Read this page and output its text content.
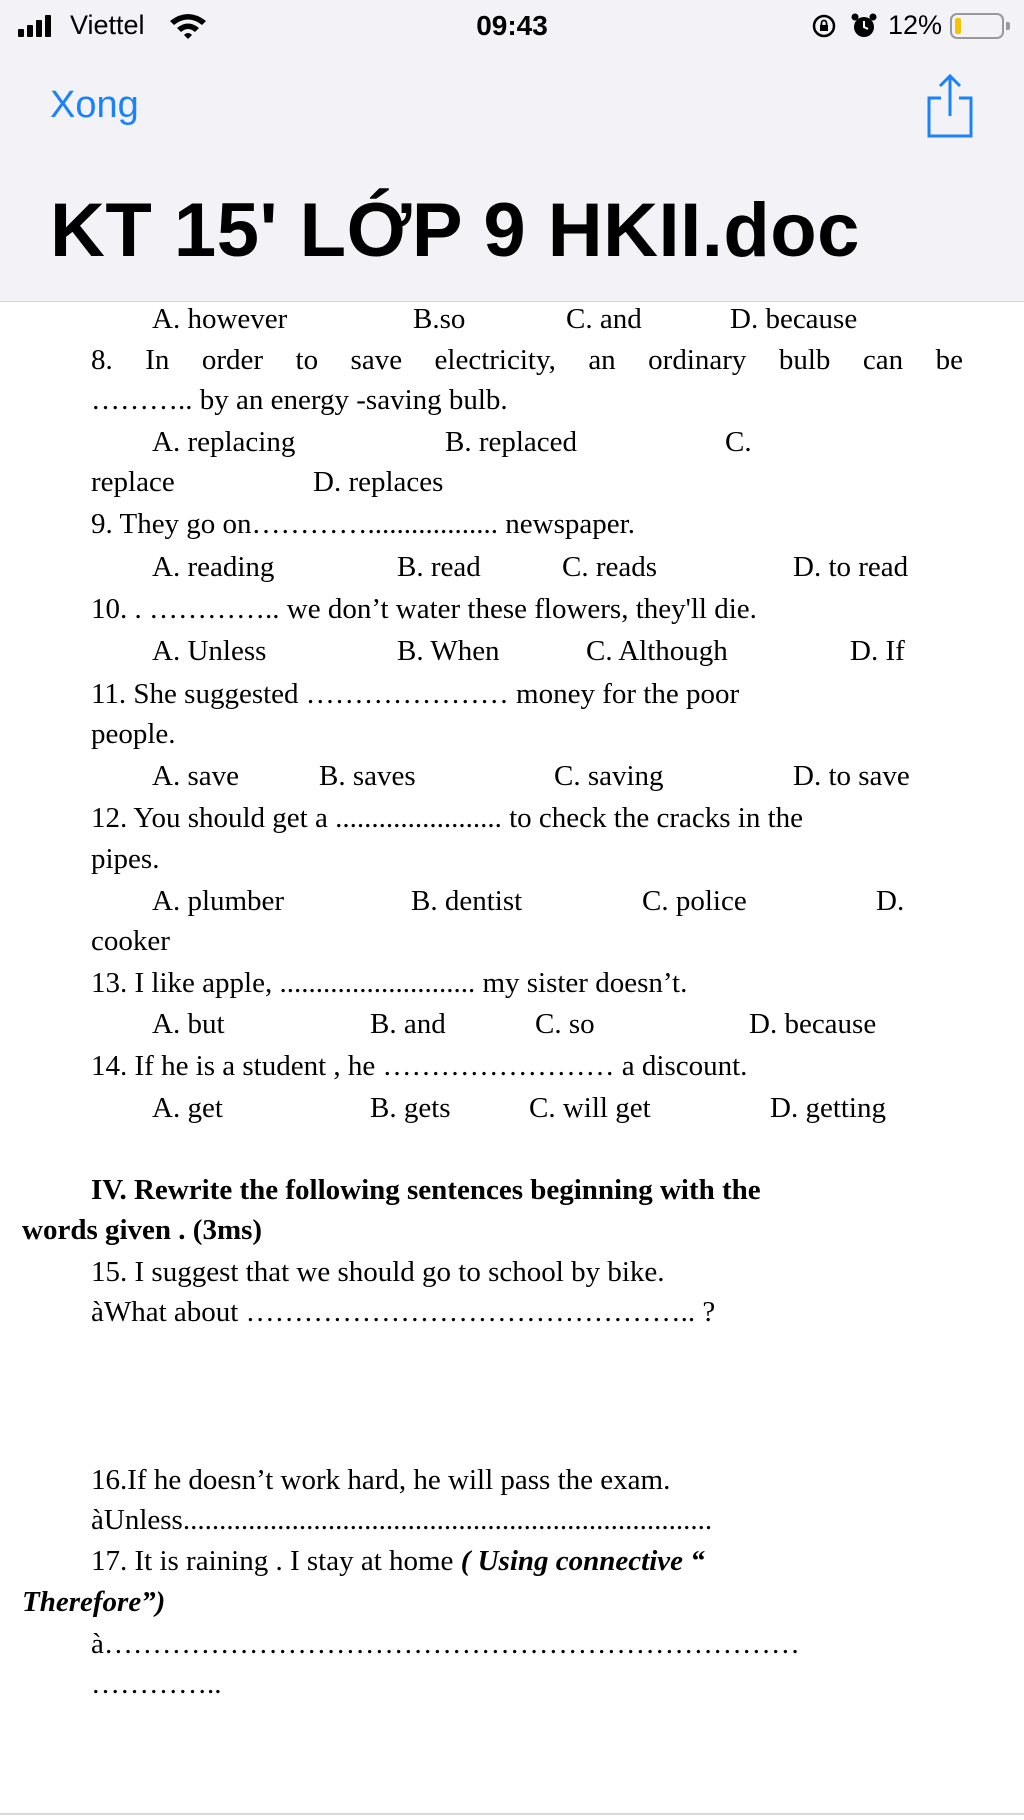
Viettel	09:43	12%
Xong
KT 15' LỚP 9 HKII.doc
A. however	B.so	C. and	D. because
8. In order to save electricity, an ordinary bulb can be
……….. by an energy -saving bulb.
A. replacing	B. replaced	C.
replace	D. replaces
9. They go on………….................. newspaper.
A. reading	B. read	C. reads	D. to read
10. . ………….. we don’t water these flowers, they'll die.
A. Unless	B. When	C. Although	D. If
11. She suggested ………………… money for the poor
people.
A. save	B. saves	C. saving	D. to save
12. You should get a ....................... to check the cracks in the
pipes.
A. plumber	B. dentist	C. police	D.
cooker
13. I like apple, ........................... my sister doesn’t.
A. but	B. and	C. so	D. because
14. If he is a student , he …………………… a discount.
A. get	B. gets	C. will get	D. getting
IV. Rewrite the following sentences beginning with the
words given . (3ms)
15. I suggest that we should go to school by bike.
àWhat about ……………………………………….. ?
16.If he doesn’t work hard, he will pass the exam.
àUnless.........................................................................
17. It is raining . I stay at home ( Using connective “
Therefore”)
à………………………………………………………………
…………..
